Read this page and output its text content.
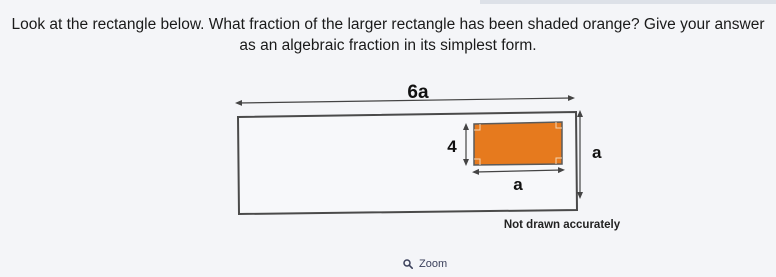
Look at the rectangle below. What fraction of the larger rectangle has been shaded orange? Give your answer
as an algebraic fraction in its simplest form.
6a
a
4
a
Not drawn accurately
Zoom
